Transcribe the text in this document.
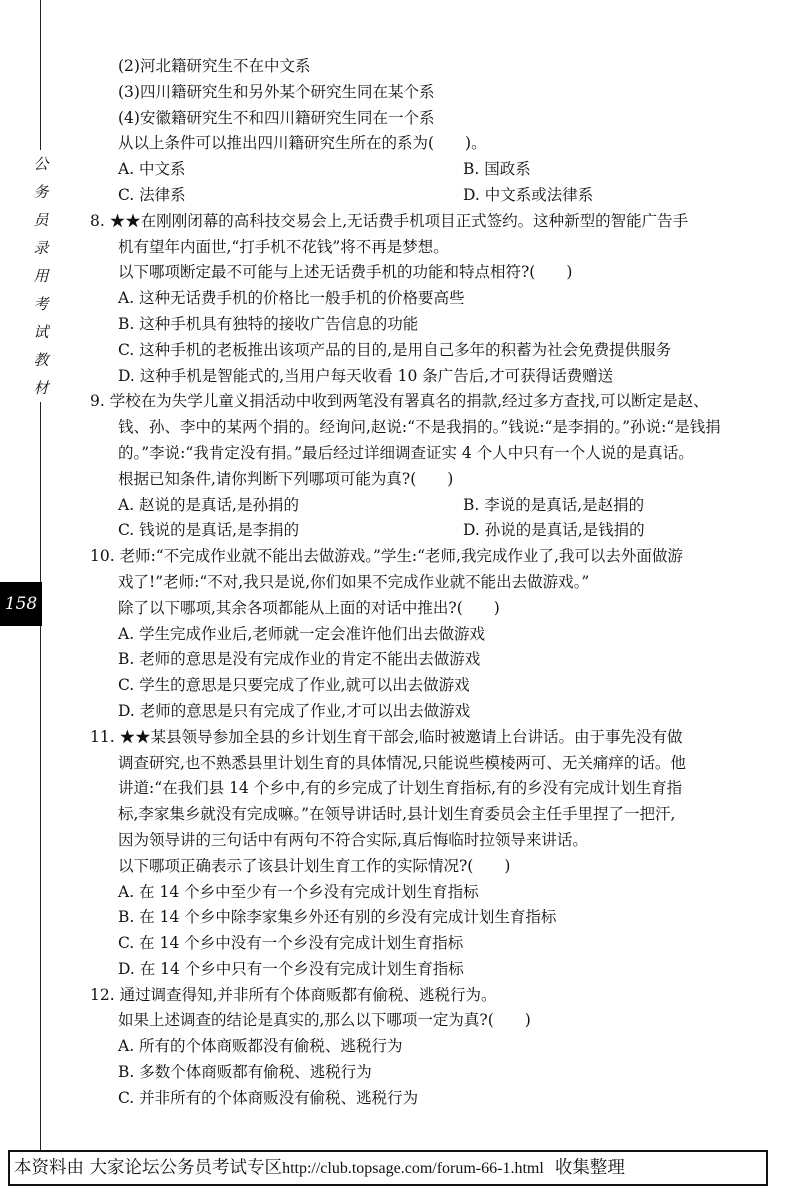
公
务
员
录
用
考
试
教
材
158
(2)河北籍研究生不在中文系
(3)四川籍研究生和另外某个研究生同在某个系
(4)安徽籍研究生不和四川籍研究生同在一个系
从以上条件可以推出四川籍研究生所在的系为(　　)。
A. 中文系	B. 国政系
C. 法律系	D. 中文系或法律系
8. ★★在刚刚闭幕的高科技交易会上,无话费手机项目正式签约。这种新型的智能广告手
机有望年内面世,“打手机不花钱”将不再是梦想。
以下哪项断定最不可能与上述无话费手机的功能和特点相符?(　　)
A. 这种无话费手机的价格比一般手机的价格要高些
B. 这种手机具有独特的接收广告信息的功能
C. 这种手机的老板推出该项产品的目的,是用自己多年的积蓄为社会免费提供服务
D. 这种手机是智能式的,当用户每天收看 10 条广告后,才可获得话费赠送
9. 学校在为失学儿童义捐活动中收到两笔没有署真名的捐款,经过多方查找,可以断定是赵、
钱、孙、李中的某两个捐的。经询问,赵说:“不是我捐的。”钱说:“是李捐的。”孙说:“是钱捐
的。”李说:“我肯定没有捐。”最后经过详细调查证实 4 个人中只有一个人说的是真话。
根据已知条件,请你判断下列哪项可能为真?(　　)
A. 赵说的是真话,是孙捐的	B. 李说的是真话,是赵捐的
C. 钱说的是真话,是李捐的	D. 孙说的是真话,是钱捐的
10. 老师:“不完成作业就不能出去做游戏。”学生:“老师,我完成作业了,我可以去外面做游
戏了!”老师:“不对,我只是说,你们如果不完成作业就不能出去做游戏。”
除了以下哪项,其余各项都能从上面的对话中推出?(　　)
A. 学生完成作业后,老师就一定会准许他们出去做游戏
B. 老师的意思是没有完成作业的肯定不能出去做游戏
C. 学生的意思是只要完成了作业,就可以出去做游戏
D. 老师的意思是只有完成了作业,才可以出去做游戏
11. ★★某县领导参加全县的乡计划生育干部会,临时被邀请上台讲话。由于事先没有做
调查研究,也不熟悉县里计划生育的具体情况,只能说些模棱两可、无关痛痒的话。他
讲道:“在我们县 14 个乡中,有的乡完成了计划生育指标,有的乡没有完成计划生育指
标,李家集乡就没有完成嘛。”在领导讲话时,县计划生育委员会主任手里捏了一把汗,
因为领导讲的三句话中有两句不符合实际,真后悔临时拉领导来讲话。
以下哪项正确表示了该县计划生育工作的实际情况?(　　)
A. 在 14 个乡中至少有一个乡没有完成计划生育指标
B. 在 14 个乡中除李家集乡外还有别的乡没有完成计划生育指标
C. 在 14 个乡中没有一个乡没有完成计划生育指标
D. 在 14 个乡中只有一个乡没有完成计划生育指标
12. 通过调查得知,并非所有个体商贩都有偷税、逃税行为。
如果上述调查的结论是真实的,那么以下哪项一定为真?(　　)
A. 所有的个体商贩都没有偷税、逃税行为
B. 多数个体商贩都有偷税、逃税行为
C. 并非所有的个体商贩没有偷税、逃税行为
本资料由 大家论坛公务员考试专区http://club.topsage.com/forum-66-1.html 收集整理
